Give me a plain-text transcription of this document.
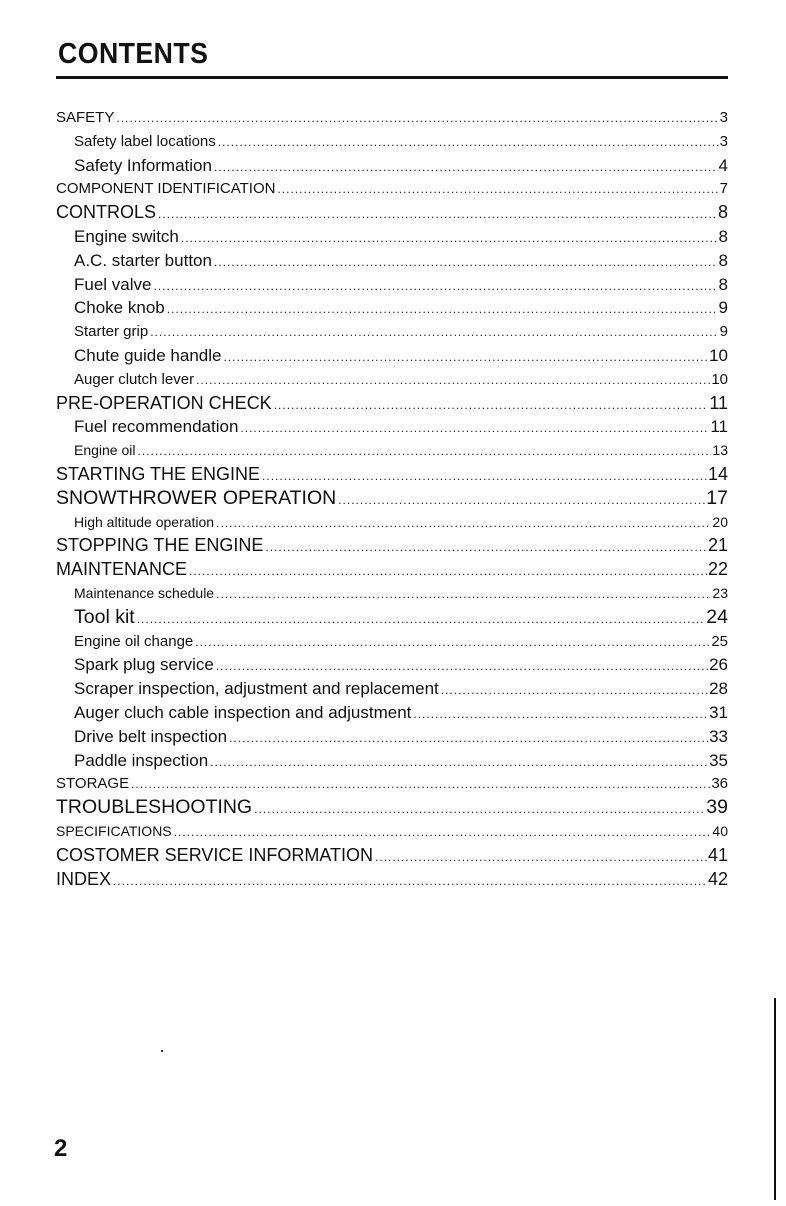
CONTENTS
SAFETY .....	3
Safety label locations .....	3
Safety Information .....	4
COMPONENT IDENTIFICATION .....	7
CONTROLS .....	8
Engine switch .....	8
A.C. starter button .....	8
Fuel valve .....	8
Choke knob .....	9
Starter grip .....	9
Chute guide handle .....	10
Auger clutch lever .....	10
PRE-OPERATION CHECK .....	11
Fuel recommendation .....	11
Engine oil .....	13
STARTING THE ENGINE .....	14
SNOWTHROWER OPERATION .....	17
High altitude operation .....	20
STOPPING THE ENGINE .....	21
MAINTENANCE .....	22
Maintenance schedule .....	23
Tool kit .....	24
Engine oil change .....	25
Spark plug service .....	26
Scraper inspection, adjustment and replacement .....	28
Auger cluch cable inspection and adjustment .....	31
Drive belt inspection .....	33
Paddle inspection .....	35
STORAGE .....	36
TROUBLESHOOTING .....	39
SPECIFICATIONS .....	40
COSTOMER SERVICE INFORMATION .....	41
INDEX .....	42
2
